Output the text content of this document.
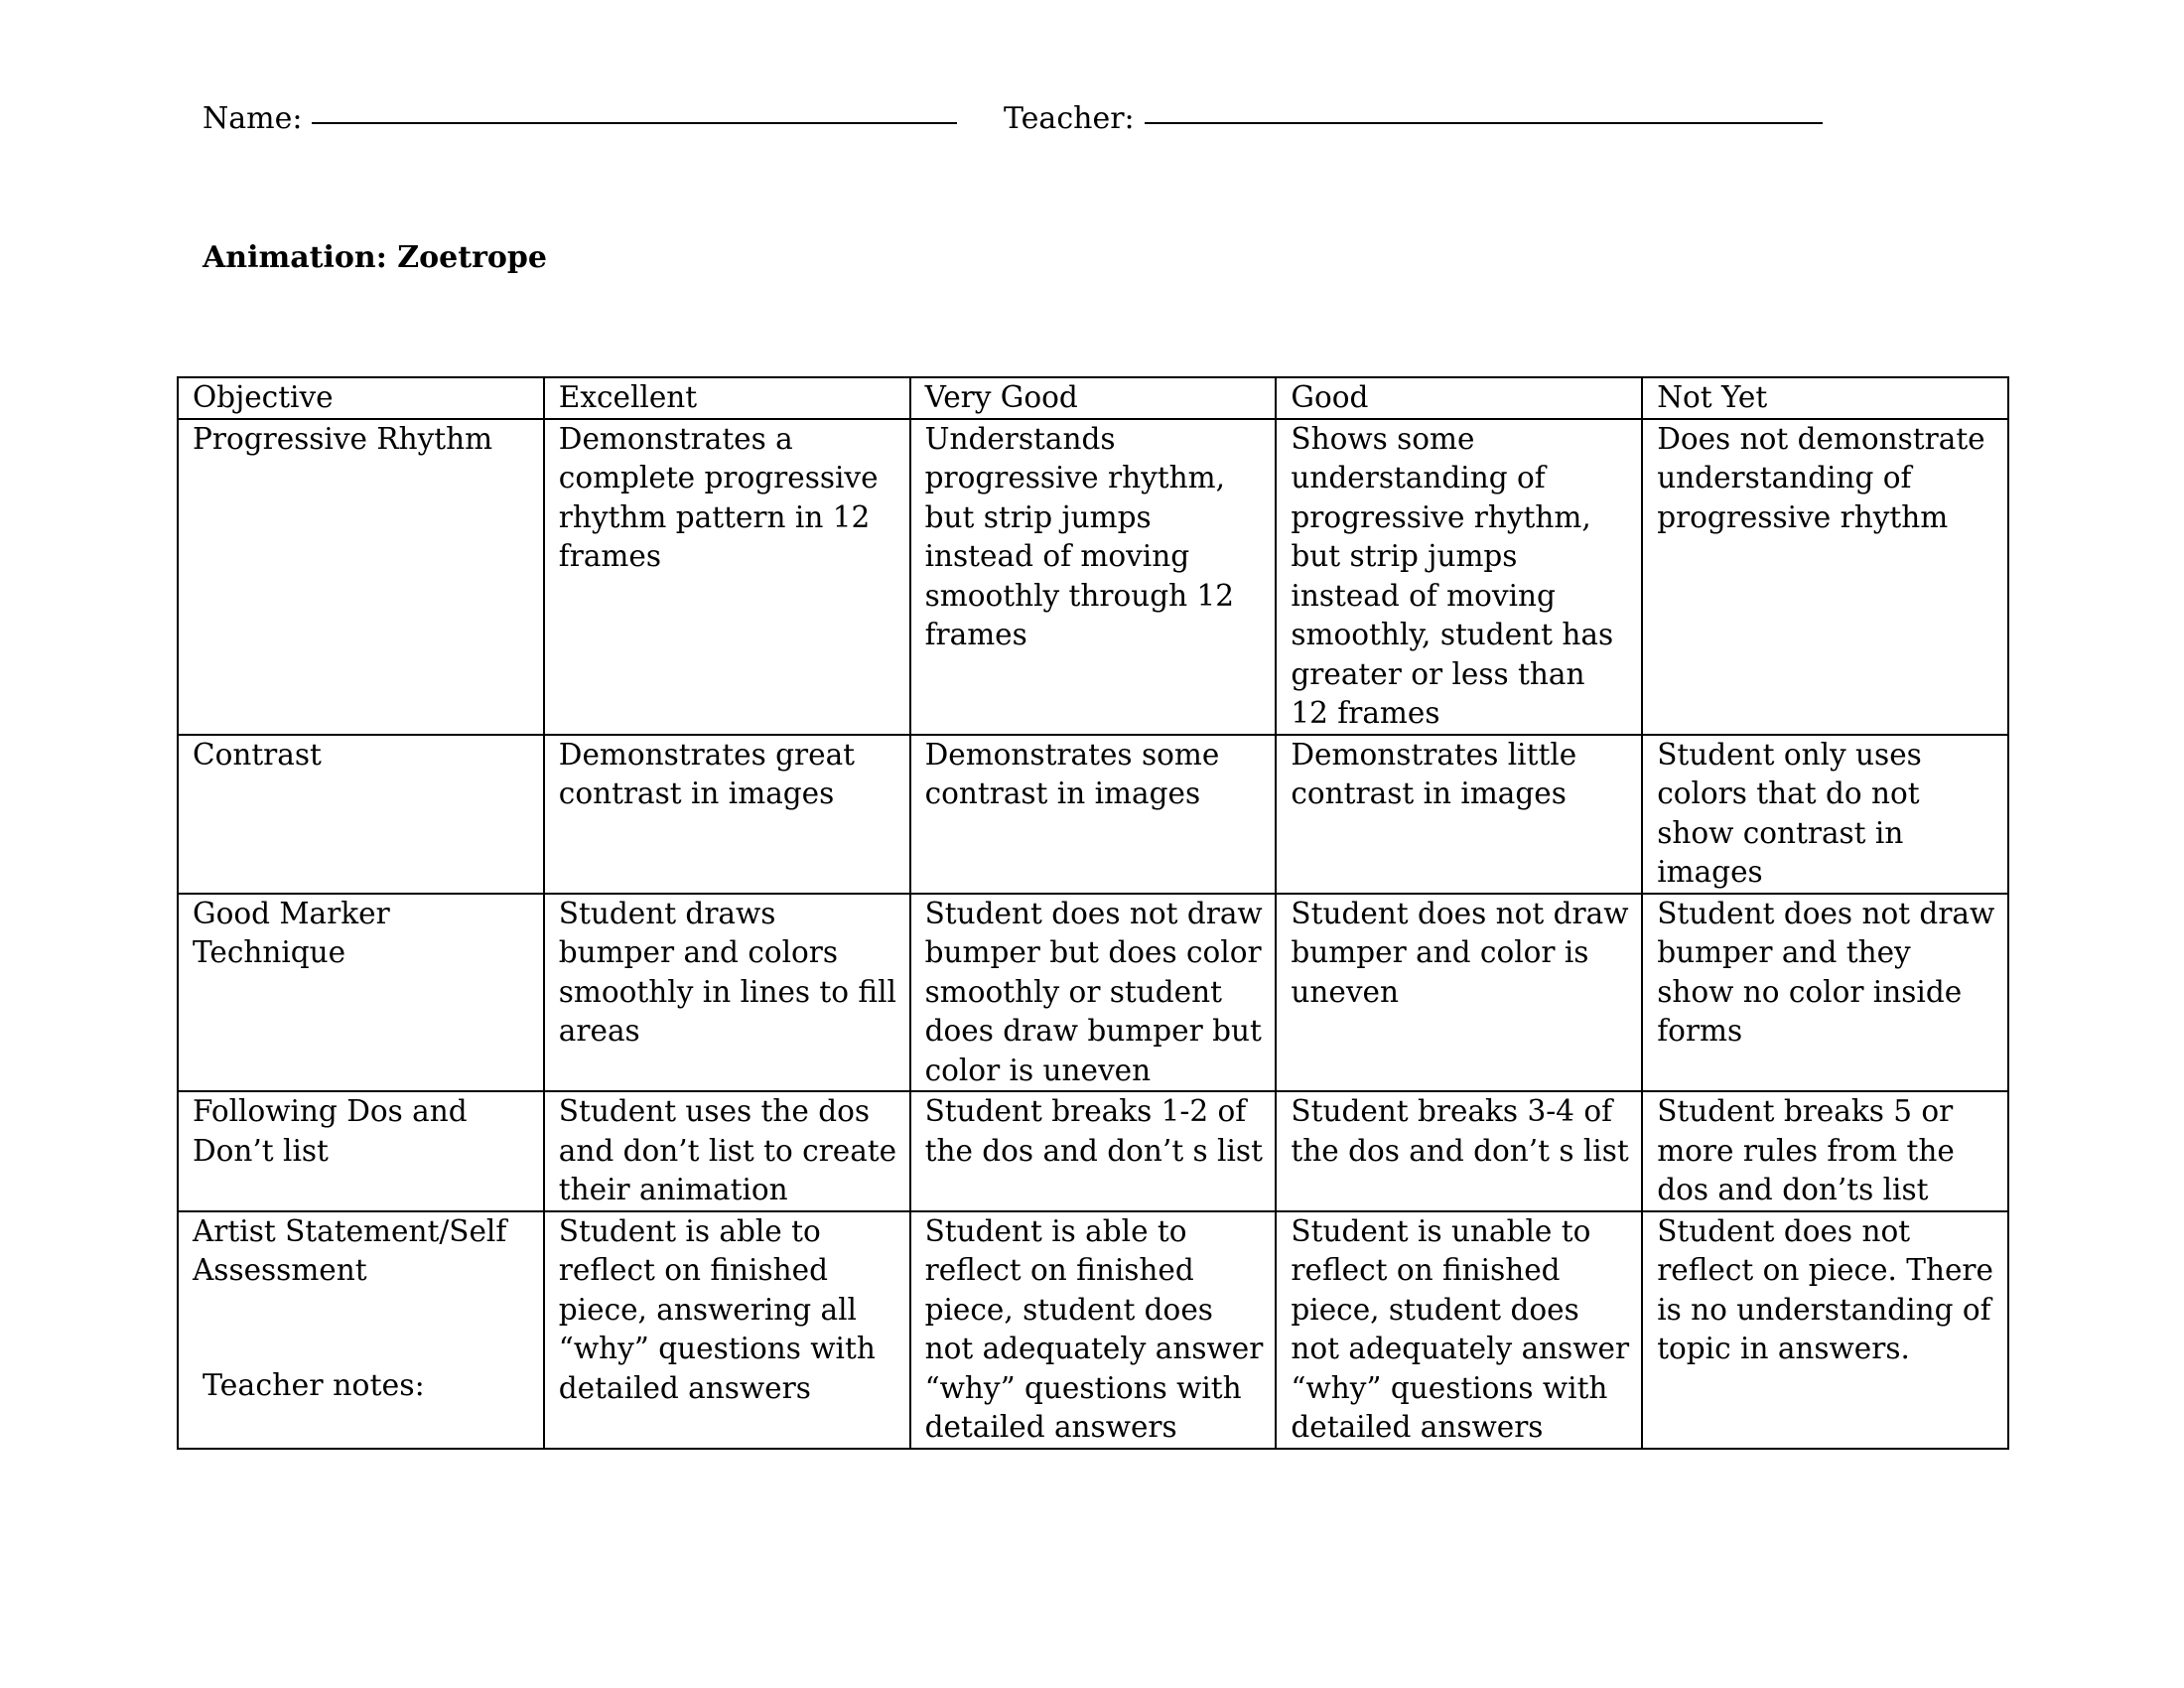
Name:	Teacher:
Animation: Zoetrope
Objective	Excellent	Very Good	Good	Not Yet
Progressive Rhythm	Demonstrates a complete progressive rhythm pattern in 12 frames	Understands progressive rhythm, but strip jumps instead of moving smoothly through 12 frames	Shows some understanding of progressive rhythm, but strip jumps instead of moving smoothly, student has greater or less than 12 frames	Does not demonstrate understanding of progressive rhythm
Contrast	Demonstrates great contrast in images	Demonstrates some contrast in images	Demonstrates little contrast in images	Student only uses colors that do not show contrast in images
Good Marker Technique	Student draws bumper and colors smoothly in lines to fill areas	Student does not draw bumper but does color smoothly or student does draw bumper but color is uneven	Student does not draw bumper and color is uneven	Student does not draw bumper and they show no color inside forms
Following Dos and Don’t list	Student uses the dos and don’t list to create their animation	Student breaks 1-2 of the dos and don’t s list	Student breaks 3-4 of the dos and don’t s list	Student breaks 5 or more rules from the dos and don’ts list
Artist Statement/Self Assessment	Student is able to reflect on finished piece, answering all “why” questions with detailed answers	Student is able to reflect on finished piece, student does not adequately answer “why” questions with detailed answers	Student is unable to reflect on finished piece, student does not adequately answer “why” questions with detailed answers	Student does not reflect on piece. There is no understanding of topic in answers.
Teacher notes:
